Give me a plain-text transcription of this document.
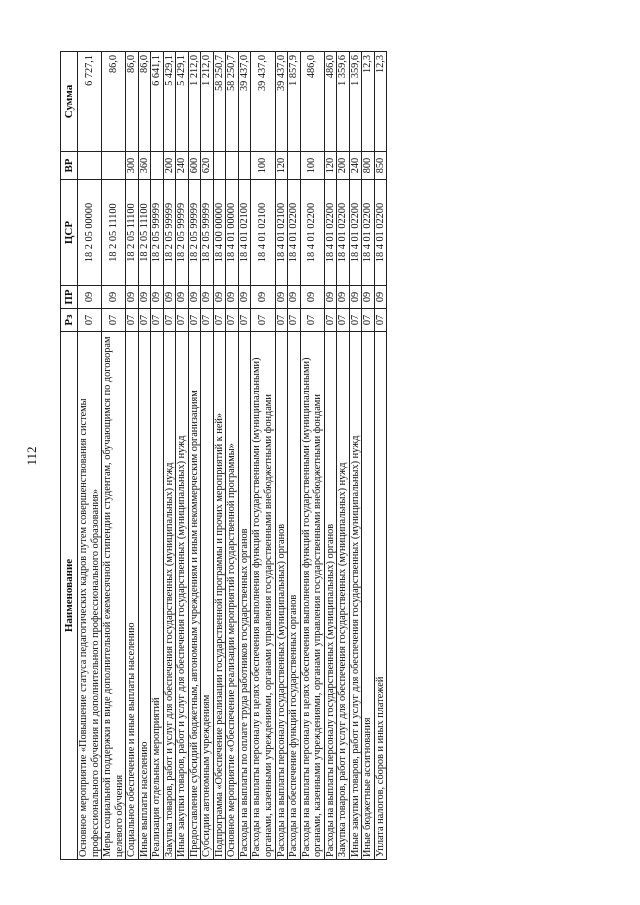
112
Наименование	Рз	ПР	ЦСР	ВР	Сумма
Основное мероприятие «Повышение статуса педагогических кадров путем совершенствования системы профессионального обучения и дополнительного профессионального образования»	07	09	18 2 05 00000		6 727,1
Меры социальной поддержки в виде дополнительной ежемесячной стипендии студентам, обучающимся по договорам целевого обучения	07	09	18 2 05 11100		86,0
Социальное обеспечение и иные выплаты населению	07	09	18 2 05 11100	300	86,0
Иные выплаты населению	07	09	18 2 05 11100	360	86,0
Реализация отдельных мероприятий	07	09	18 2 05 99999		6 641,1
Закупка товаров, работ и услуг для обеспечения государственных (муниципальных) нужд	07	09	18 2 05 99999	200	5 429,1
Иные закупки товаров, работ и услуг для обеспечения государственных (муниципальных) нужд	07	09	18 2 05 99999	240	5 429,1
Предоставление субсидий бюджетным, автономным учреждениям и иным некоммерческим организациям	07	09	18 2 05 99999	600	1 212,0
Субсидии автономным учреждениям	07	09	18 2 05 99999	620	1 212,0
Подпрограмма «Обеспечение реализации государственной программы и прочих мероприятий к ней»	07	09	18 4 00 00000		58 250,7
Основное мероприятие «Обеспечение реализации мероприятий государственной программы»	07	09	18 4 01 00000		58 250,7
Расходы на выплаты по оплате труда работников государственных органов	07	09	18 4 01 02100		39 437,0
Расходы на выплаты персоналу в целях обеспечения выполнения функций государственными (муниципальными) органами, казенными учреждениями, органами управления государственными внебюджетными фондами	07	09	18 4 01 02100	100	39 437,0
Расходы на выплаты персоналу государственных (муниципальных) органов	07	09	18 4 01 02100	120	39 437,0
Расходы на обеспечение функций государственных органов	07	09	18 4 01 02200		1 857,9
Расходы на выплаты персоналу в целях обеспечения выполнения функций государственными (муниципальными) органами, казенными учреждениями, органами управления государственными внебюджетными фондами	07	09	18 4 01 02200	100	486,0
Расходы на выплаты персоналу государственных (муниципальных) органов	07	09	18 4 01 02200	120	486,0
Закупка товаров, работ и услуг для обеспечения государственных (муниципальных) нужд	07	09	18 4 01 02200	200	1 359,6
Иные закупки товаров, работ и услуг для обеспечения государственных (муниципальных) нужд	07	09	18 4 01 02200	240	1 359,6
Иные бюджетные ассигнования	07	09	18 4 01 02200	800	12,3
Уплата налогов, сборов и иных платежей	07	09	18 4 01 02200	850	12,3
